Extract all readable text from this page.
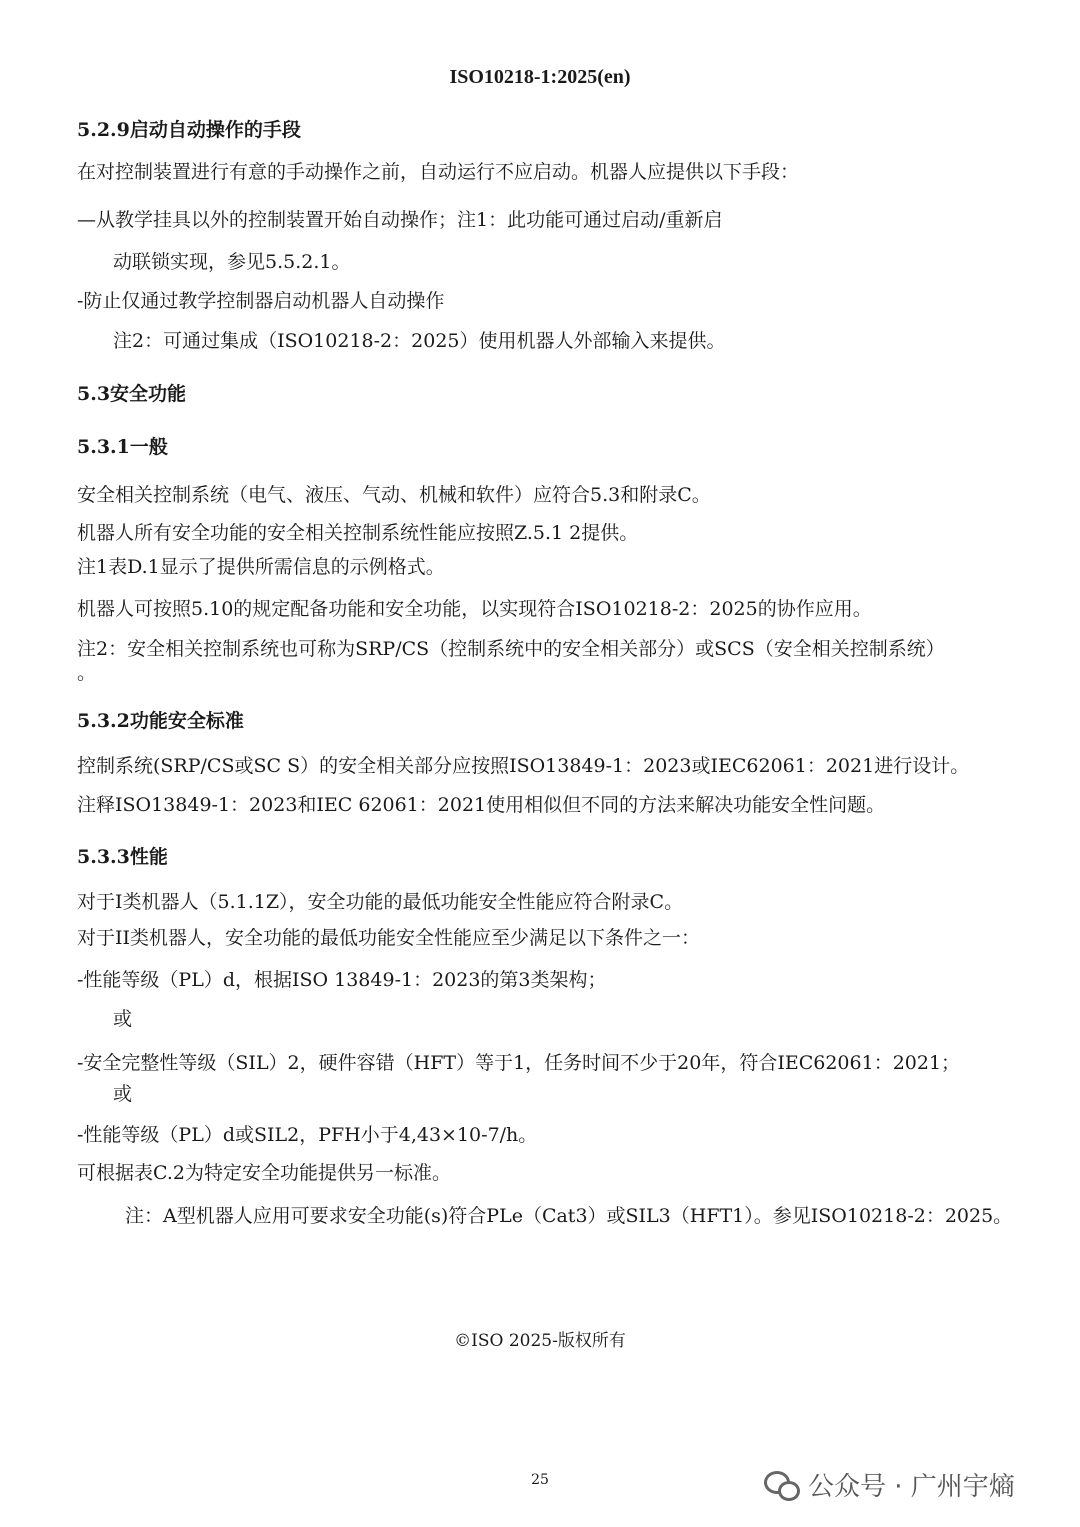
ISO10218-1:2025(en)
5.2.9启动自动操作的手段
在对控制装置进行有意的手动操作之前，自动运行不应启动。机器人应提供以下手段：
—从教学挂具以外的控制装置开始自动操作；注1：此功能可通过启动/重新启
动联锁实现，参见5.5.2.1。
-防止仅通过教学控制器启动机器人自动操作
注2：可通过集成（ISO10218-2：2025）使用机器人外部输入来提供。
5.3安全功能
5.3.1一般
安全相关控制系统（电气、液压、气动、机械和软件）应符合5.3和附录C。
机器人所有安全功能的安全相关控制系统性能应按照Z.5.1 2提供。
注1表D.1显示了提供所需信息的示例格式。
机器人可按照5.10的规定配备功能和安全功能，以实现符合ISO10218-2：2025的协作应用。
注2：安全相关控制系统也可称为SRP/CS（控制系统中的安全相关部分）或SCS（安全相关控制系统）
。
5.3.2功能安全标准
控制系统(SRP/CS或SC S）的安全相关部分应按照ISO13849-1：2023或IEC62061：2021进行设计。
注释ISO13849-1：2023和IEC 62061：2021使用相似但不同的方法来解决功能安全性问题。
5.3.3性能
对于I类机器人（5.1.1Z），安全功能的最低功能安全性能应符合附录C。
对于II类机器人，安全功能的最低功能安全性能应至少满足以下条件之一：
-性能等级（PL）d，根据ISO 13849-1：2023的第3类架构；
或
-安全完整性等级（SIL）2，硬件容错（HFT）等于1，任务时间不少于20年，符合IEC62061：2021；
或
-性能等级（PL）d或SIL2，PFH小于4,43×10-7/h。
可根据表C.2为特定安全功能提供另一标准。
注：A型机器人应用可要求安全功能(s)符合PLe（Cat3）或SIL3（HFT1）。参见ISO10218-2：2025。
©ISO 2025-版权所有
25	公众号 · 广州宇熵
